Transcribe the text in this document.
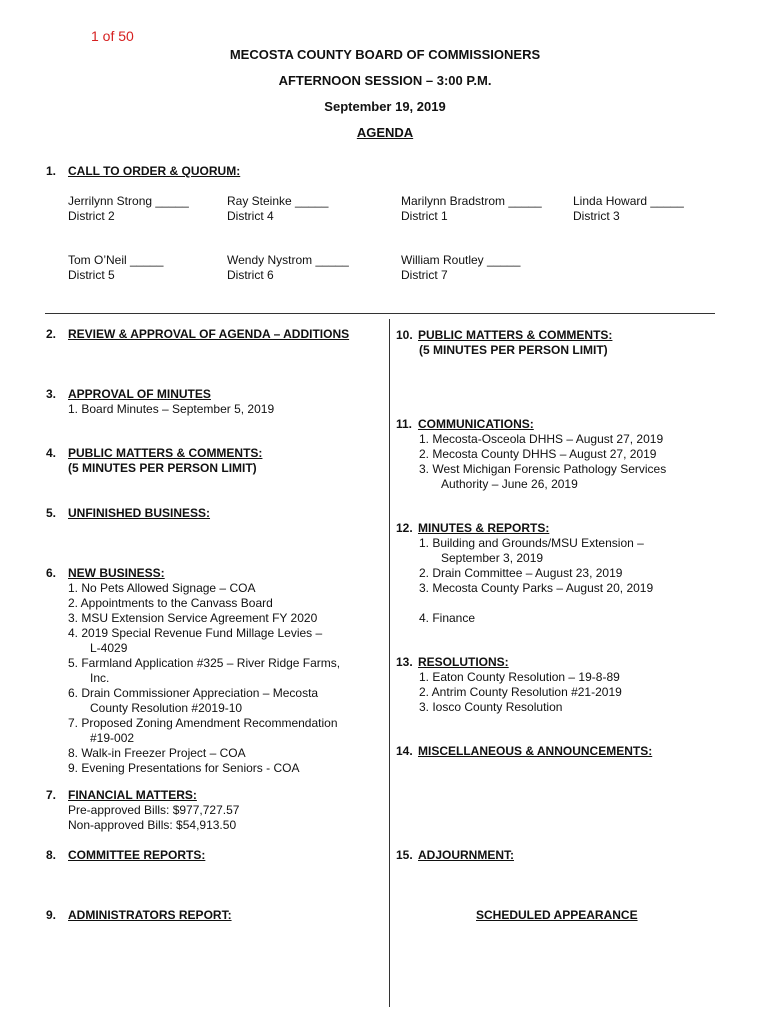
1 of 50
MECOSTA COUNTY BOARD OF COMMISSIONERS
AFTERNOON SESSION – 3:00 P.M.
September 19, 2019
AGENDA
1. CALL TO ORDER & QUORUM:
Jerrilynn Strong _____
District 2
Ray Steinke _____
District 4
Marilynn Bradstrom _____
District 1
Linda Howard _____
District 3
Tom O’Neil _____
District 5
Wendy Nystrom _____
District 6
William Routley _____
District 7
2. REVIEW & APPROVAL OF AGENDA – ADDITIONS
3. APPROVAL OF MINUTES
1. Board Minutes – September 5, 2019
4. PUBLIC MATTERS & COMMENTS:
(5 MINUTES PER PERSON LIMIT)
5. UNFINISHED BUSINESS:
6. NEW BUSINESS:
1. No Pets Allowed Signage – COA
2. Appointments to the Canvass Board
3. MSU Extension Service Agreement FY 2020
4. 2019 Special Revenue Fund Millage Levies –
L-4029
5. Farmland Application #325 – River Ridge Farms,
Inc.
6. Drain Commissioner Appreciation – Mecosta
County Resolution #2019-10
7. Proposed Zoning Amendment Recommendation
#19-002
8. Walk-in Freezer Project – COA
9. Evening Presentations for Seniors - COA
7. FINANCIAL MATTERS:
Pre-approved Bills: $977,727.57
Non-approved Bills: $54,913.50
8. COMMITTEE REPORTS:
9. ADMINISTRATORS REPORT:
10. PUBLIC MATTERS & COMMENTS:
(5 MINUTES PER PERSON LIMIT)
11. COMMUNICATIONS:
1. Mecosta-Osceola DHHS – August 27, 2019
2. Mecosta County DHHS – August 27, 2019
3. West Michigan Forensic Pathology Services
Authority – June 26, 2019
12. MINUTES & REPORTS:
1. Building and Grounds/MSU Extension –
September 3, 2019
2. Drain Committee – August 23, 2019
3. Mecosta County Parks – August 20, 2019
4. Finance
13. RESOLUTIONS:
1. Eaton County Resolution – 19-8-89
2. Antrim County Resolution #21-2019
3. Iosco County Resolution
14. MISCELLANEOUS & ANNOUNCEMENTS:
15. ADJOURNMENT:
SCHEDULED APPEARANCE
